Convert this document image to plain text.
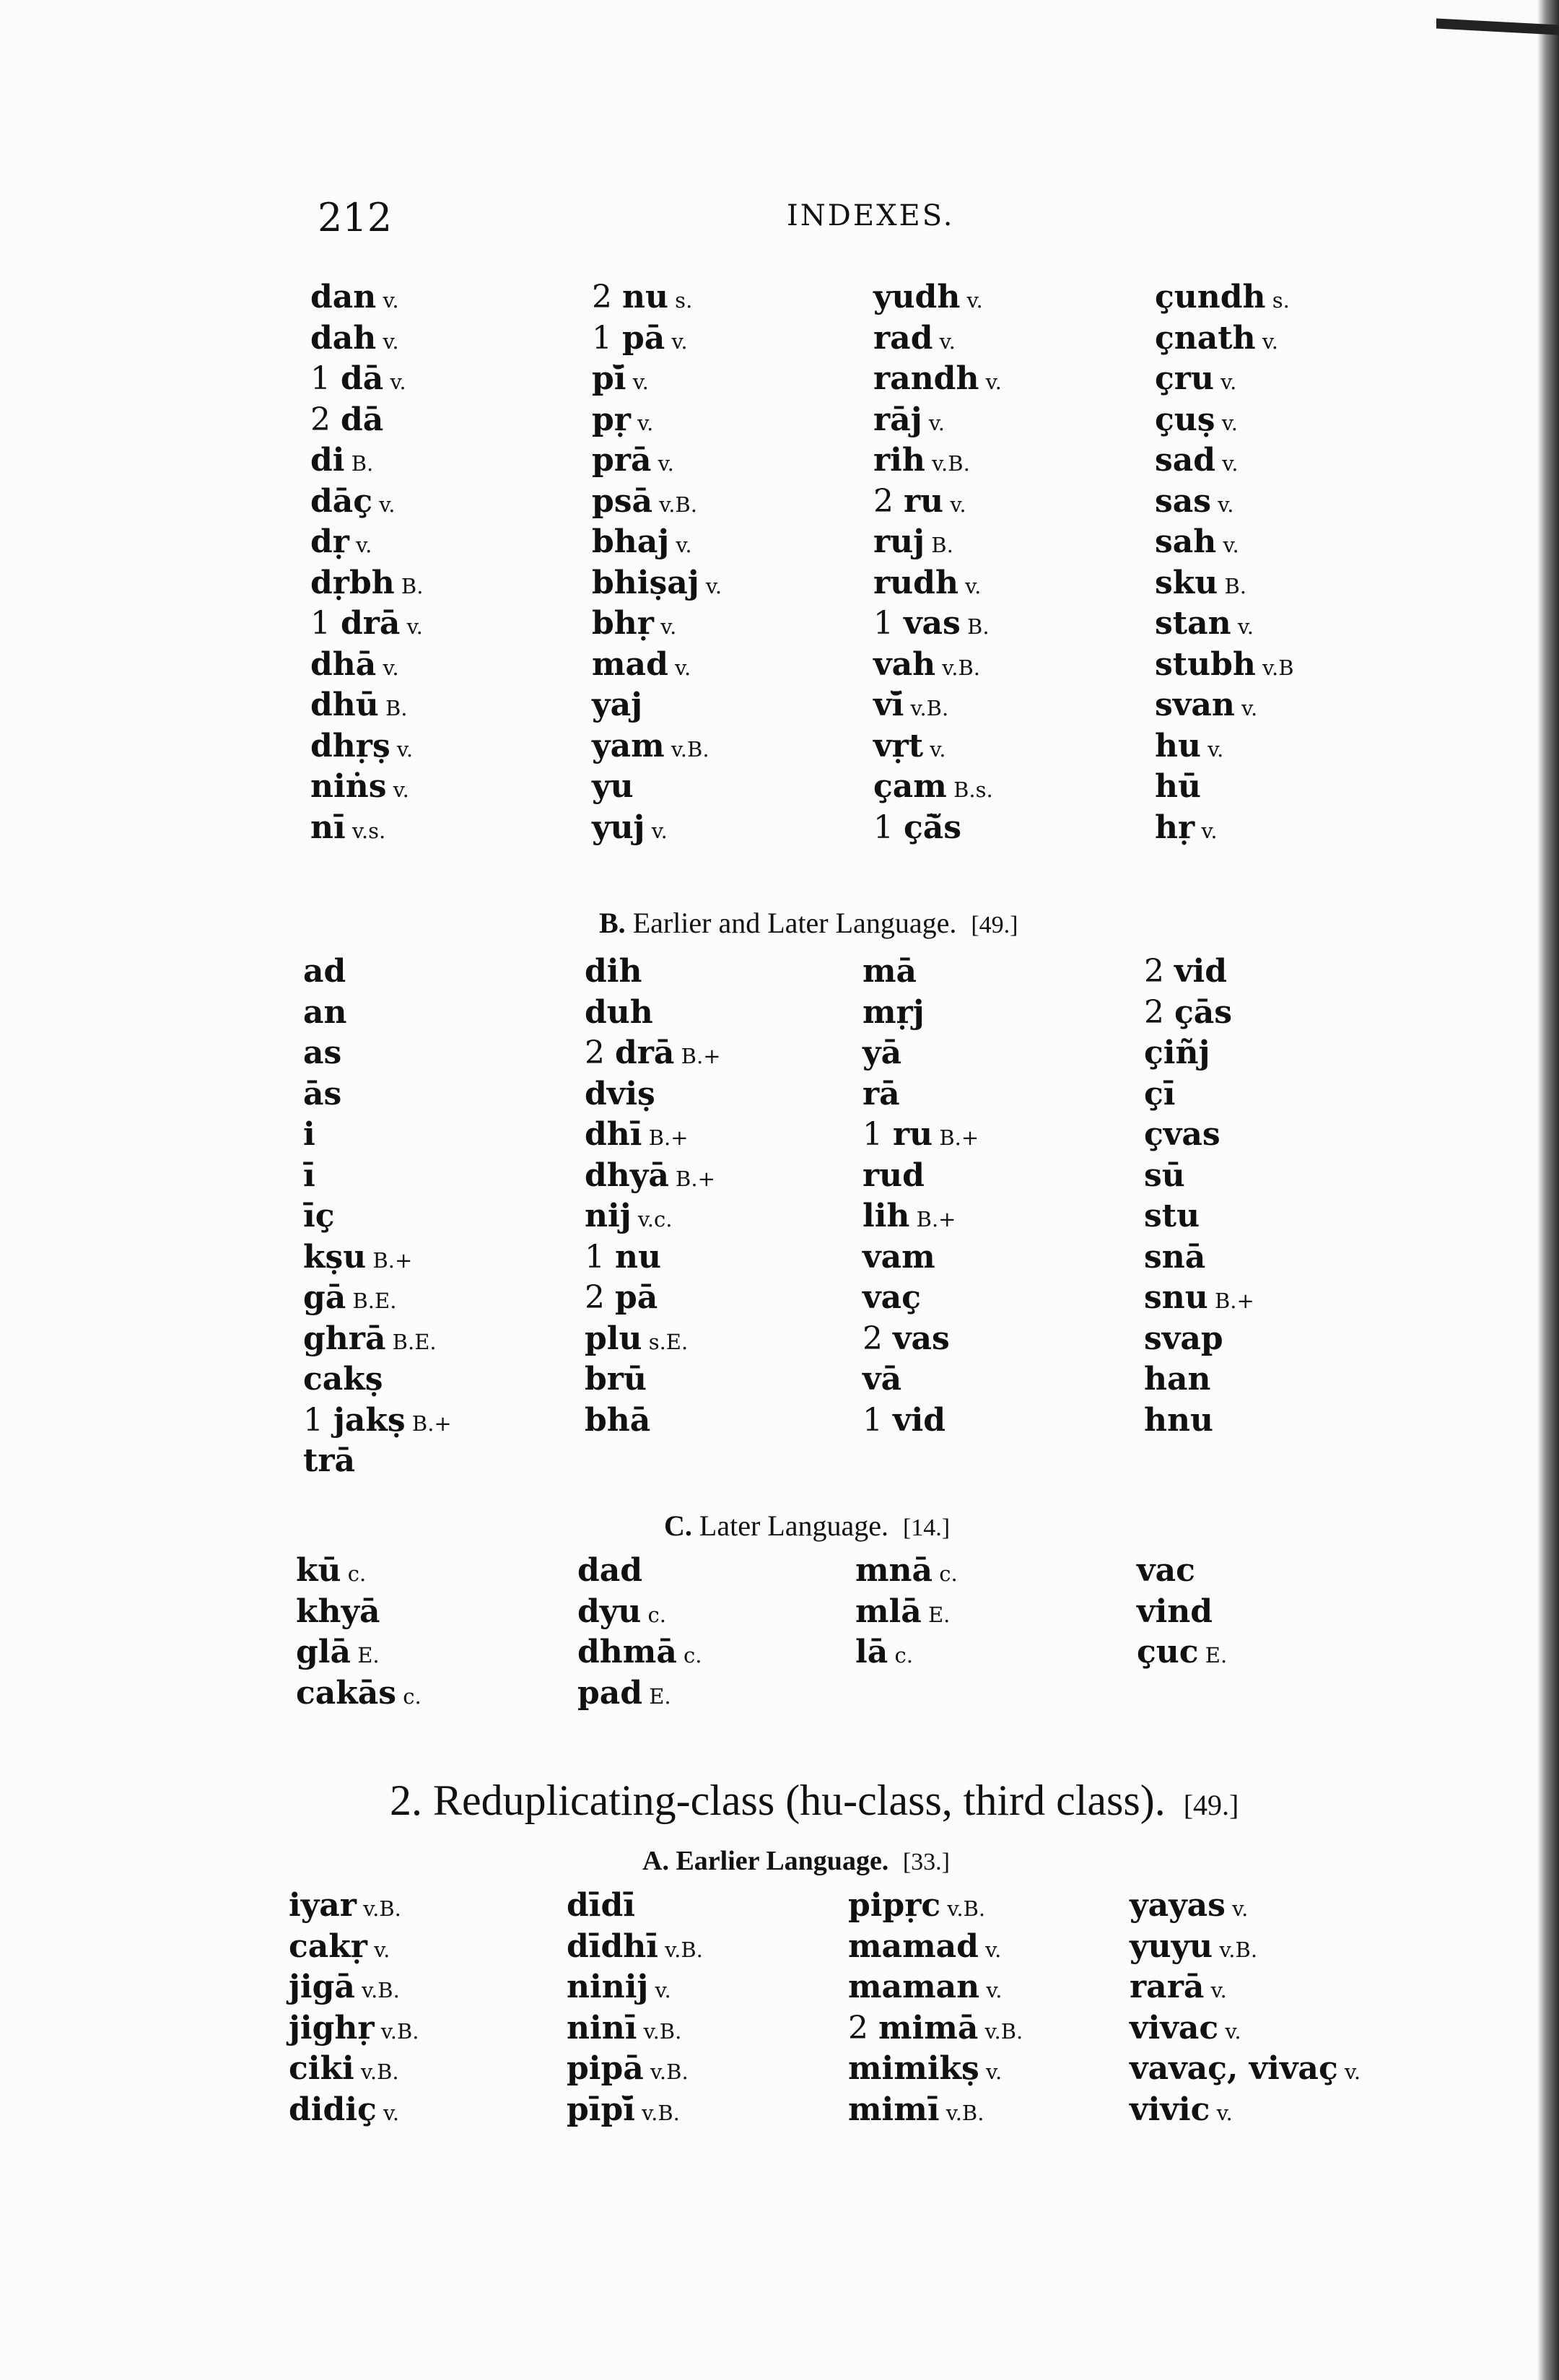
212	INDEXES.
dan v.
dah v.
1 dā v.
2 dā
di B.
dāç v.
dṛ v.
dṛbh B.
1 drā v.
dhā v.
dhū B.
dhṛṣ v.
niṅs v.
nī v.s.
2 nu s.
1 pā v.
pī̆ v.
pṛ v.
prā v.
psā v.B.
bhaj v.
bhiṣaj v.
bhṛ v.
mad v.
yaj
yam v.B.
yu
yuj v.
yudh v.
rad v.
randh v.
rāj v.
rih v.B.
2 ru v.
ruj B.
rudh v.
1 vas B.
vah v.B.
vī̆ v.B.
vṛt v.
çam B.s.
1 çā̆s
çundh s.
çnath v.
çru v.
çuṣ v.
sad v.
sas v.
sah v.
sku B.
stan v.
stubh v.B
svan v.
hu v.
hū
hṛ v.
B. Earlier and Later Language. [49.]
ad
an
as
ās
i
ī
īç
kṣu B.+
gā B.E.
ghrā B.E.
cakṣ
1 jakṣ B.+
trā
dih
duh
2 drā B.+
dviṣ
dhī B.+
dhyā B.+
nij v.c.
1 nu
2 pā
plu s.E.
brū
bhā
mā
mṛj
yā
rā
1 ru B.+
rud
lih B.+
vam
vaç
2 vas
vā
1 vid
2 vid
2 çās
çiñj
çī
çvas
sū
stu
snā
snu B.+
svap
han
hnu
C. Later Language. [14.]
kū c.
khyā
glā E.
cakās c.
dad
dyu c.
dhmā c.
pad E.
mnā c.
mlā E.
lā c.
vac
vind
çuc E.
2. Reduplicating-class (hu-class, third class). [49.]
A. Earlier Language. [33.]
iyar v.B.
cakṛ v.
jigā v.B.
jighṛ v.B.
ciki v.B.
didiç v.
dīdī
dīdhī v.B.
ninij v.
ninī v.B.
pipā v.B.
pīpī̆ v.B.
pipṛc v.B.
mamad v.
maman v.
2 mimā v.B.
mimikṣ v.
mimī v.B.
yayas v.
yuyu v.B.
rarā v.
vivac v.
vavaç, vivaç v.
vivic v.
